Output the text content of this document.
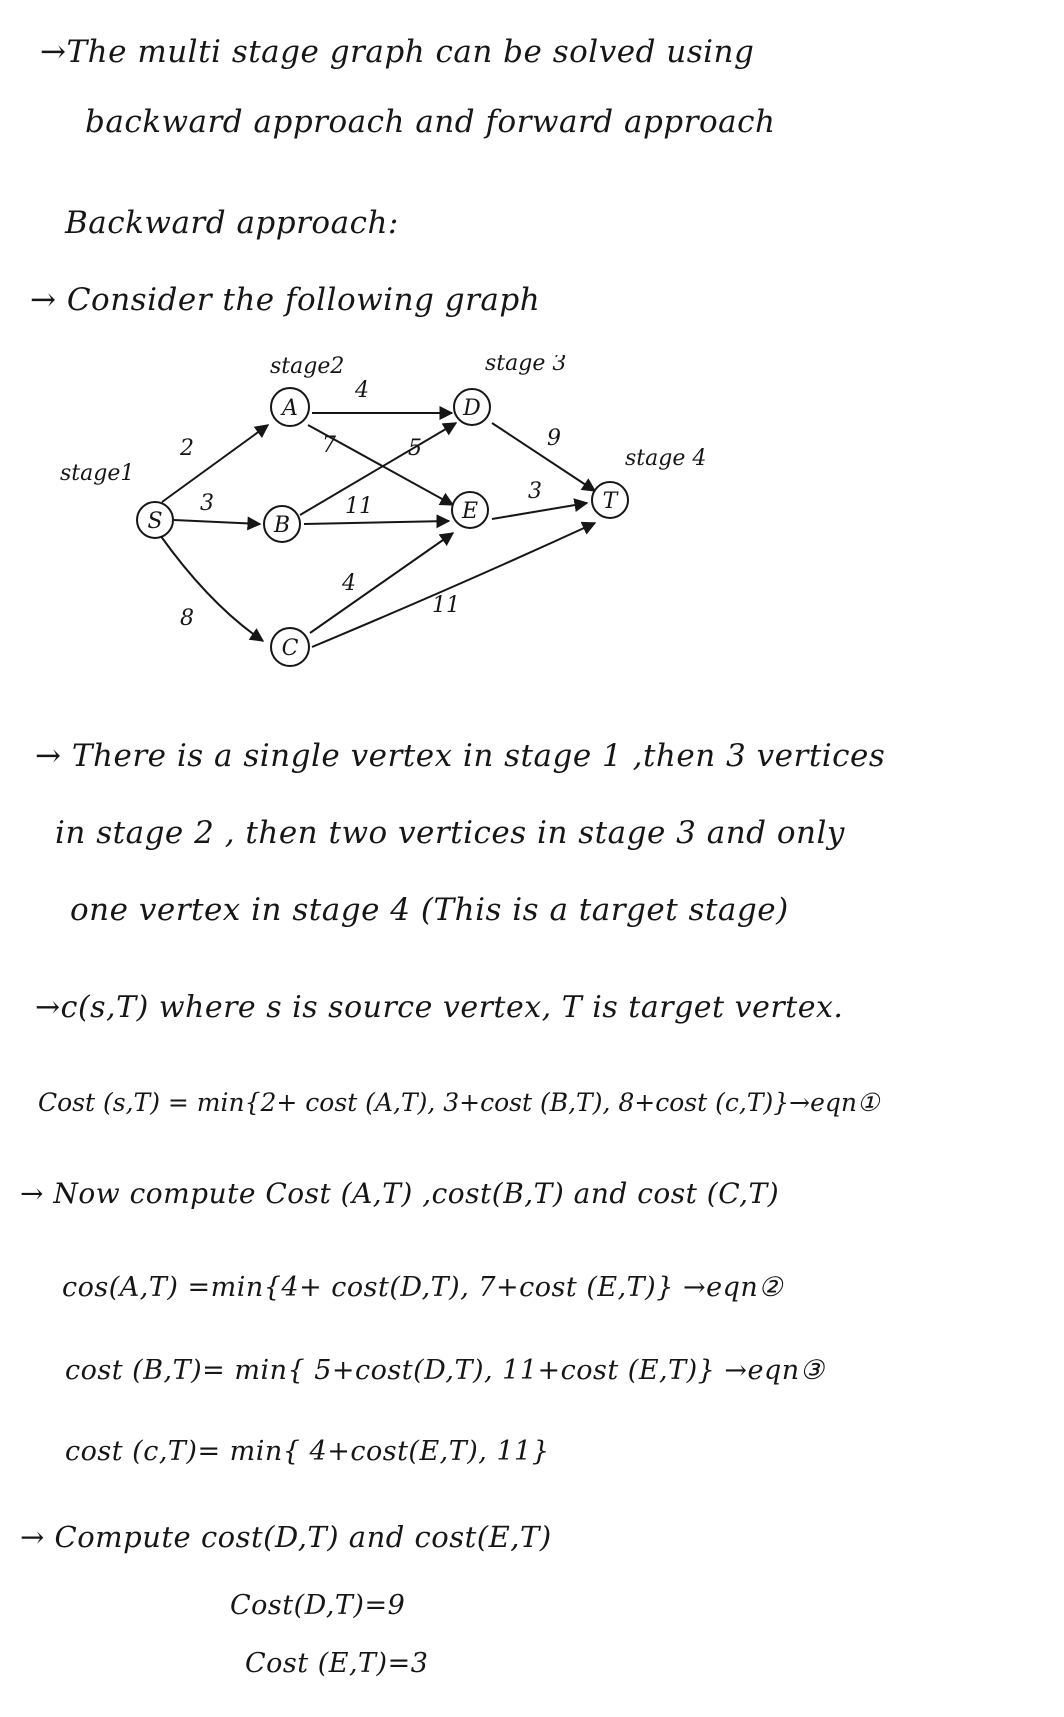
→The multi stage graph can be solved using
backward approach and forward approach
Backward approach:
→ Consider the following graph
S
A
B
C
D
E	T
stage1
stage2	stage 3
stage 4
2
3
8
4
7	5
11
4
11
9
3
→ There is a single vertex in stage 1 ,then 3 vertices
in stage 2 , then two vertices in stage 3 and only
one vertex in stage 4 (This is a target stage)
→c(s,T) where s is source vertex, T is target vertex.
Cost (s,T) = min{2+ cost (A,T), 3+cost (B,T), 8+cost (c,T)}→eqn①
→ Now compute Cost (A,T) ,cost(B,T) and cost (C,T)
cos(A,T) =min{4+ cost(D,T), 7+cost (E,T)} →eqn②
cost (B,T)= min{ 5+cost(D,T), 11+cost (E,T)} →eqn③
cost (c,T)= min{ 4+cost(E,T), 11}
→ Compute cost(D,T) and cost(E,T)
Cost(D,T)=9
Cost (E,T)=3
